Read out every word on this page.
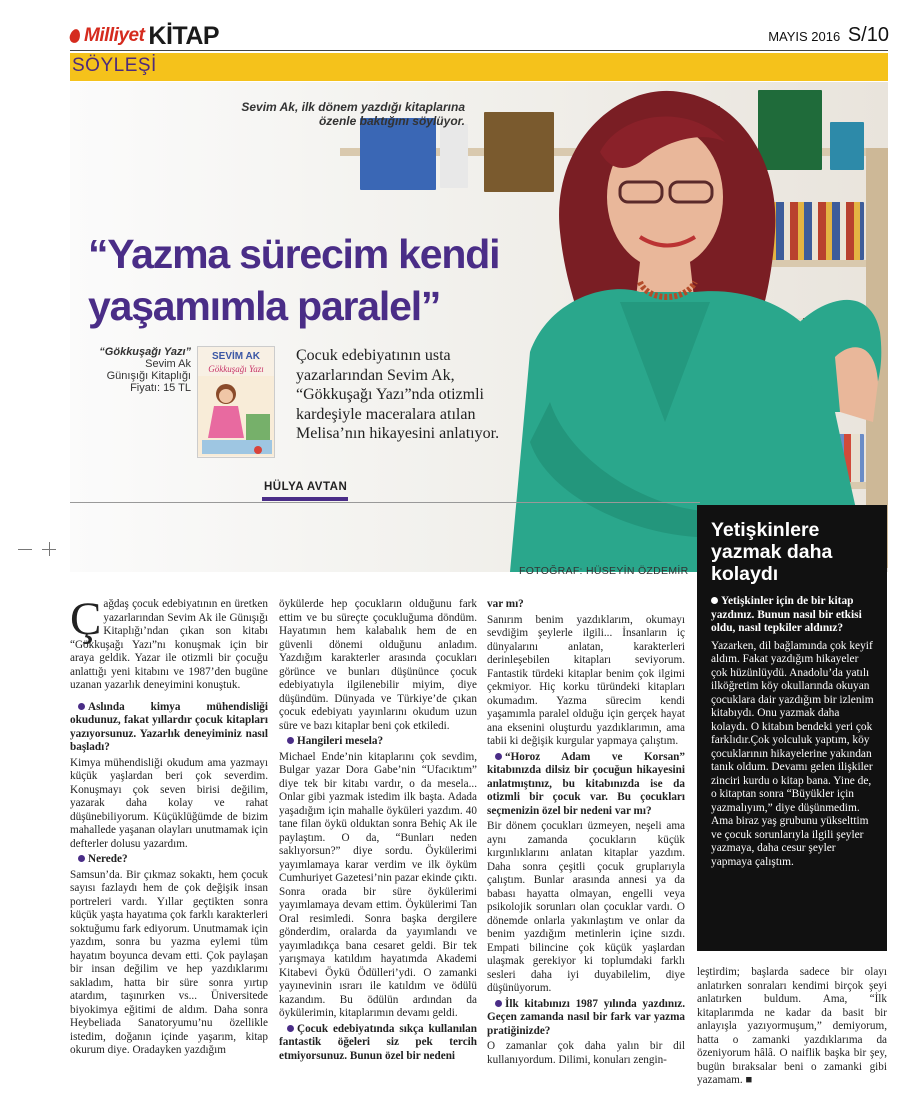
Milliyet KİTAP	MAYIS 2016 S/10
SÖYLEŞİ
Sevim Ak, ilk dönem yazdığı kitaplarına özenle baktığını söylüyor.
“Yazma sürecim kendi
yaşamımla paralel”
“Gökkuşağı Yazı”
Sevim Ak
Günışığı Kitaplığı
Fiyatı: 15 TL
SEVİM AK
Gökkuşağı Yazı
Çocuk edebiyatının usta yazarlarından Sevim Ak, “Gökkuşağı Yazı”nda otizmli kardeşiyle maceralara atılan Melisa’nın hikayesini anlatıyor.
HÜLYA AVTAN
FOTOĞRAF: HÜSEYİN ÖZDEMİR

Çağdaş çocuk edebiyatının en üretken yazarlarından Sevim Ak ile Günışığı Kitaplığı’ndan çıkan son kitabı “Gökkuşağı Yazı”nı konuşmak için bir araya geldik. Yazar ile otizmli bir çocuğu anlattığı yeni kitabını ve 1987’den bugüne uzanan yazarlık deneyimini konuştuk.

Aslında kimya mühendisliği okudunuz, fakat yıllardır çocuk kitapları yazıyorsunuz. Yazarlık deneyiminiz nasıl başladı?

Kimya mühendisliği okudum ama yazmayı küçük yaşlardan beri çok severdim. Konuşmayı çok seven birisi değilim, yazarak daha kolay ve rahat düşünebiliyorum. Küçüklüğümde de bizim mahallede yaşanan olayları unutmamak için defterler dolusu yazardım.

Nerede?

Samsun’da. Bir çıkmaz sokaktı, hem çocuk sayısı fazlaydı hem de çok değişik insan portreleri vardı. Yıllar geçtikten sonra küçük yaşta hayatıma çok farklı karakterleri soktuğumu fark ediyorum. Unutmamak için yazdım, sonra bu yazma eylemi tüm hayatım boyunca devam etti. Çok paylaşan bir insan değilim ve hep yazdıklarımı sakladım, hatta bir süre sonra yırtıp atardım, taşınırken vs... Üniversitede biyokimya eğitimi de aldım. Daha sonra Heybeliada Sanatoryumu’nu özellikle istedim, doğanın içinde yaşarım, kitap okurum diye. Oradayken yazdığım

öykülerde hep çocukların olduğunu fark ettim ve bu süreçte çocukluğuma döndüm. Hayatımın hem kalabalık hem de en güvenli dönemi olduğunu anladım. Yazdığım karakterler arasında çocukları görünce ve bunları düşününce çocuk edebiyatıyla ilgilenebilir miyim, diye düşündüm. Dünyada ve Türkiye’de çıkan çocuk edebiyatı yayınlarını okudum uzun süre ve bazı kitaplar beni çok etkiledi.

Hangileri mesela?

Michael Ende’nin kitaplarını çok sevdim, Bulgar yazar Dora Gabe’nin “Ufacıktım” diye tek bir kitabı vardır, o da mesela... Onlar gibi yazmak istedim ilk başta. Adada yaşadığım için mahalle öyküleri yazdım. 40 tane filan öykü olduktan sonra Behiç Ak ile paylaştım. O da, “Bunları neden saklıyorsun?” diye sordu. Öykülerimi yayımlamaya karar verdim ve ilk öyküm Cumhuriyet Gazetesi’nin pazar ekinde çıktı. Sonra orada bir süre öykülerimi yayımlamaya devam ettim. Öykülerimi Tan Oral resimledi. Sonra başka dergilere gönderdim, oralarda da yayımlandı ve yayımladıkça bana cesaret geldi. Bir tek yarışmaya katıldım hayatımda Akademi Kitabevi Öykü Ödülleri’ydi. O zamanki yayınevinin ısrarı ile katıldım ve ödülü kazandım. Bu ödülün ardından da öykülerimin, kitaplarımın devamı geldi.

Çocuk edebiyatında sıkça kullanılan fantastik öğeleri siz pek tercih etmiyorsunuz. Bunun özel bir nedeni

var mı?

Sanırım benim yazdıklarım, okumayı sevdiğim şeylerle ilgili... İnsanların iç dünyalarını anlatan, karakterleri derinleşebilen kitapları seviyorum. Fantastik türdeki kitaplar benim çok ilgimi çekmiyor. Hiç korku türündeki kitapları okumadım. Yazma sürecim kendi yaşamımla paralel olduğu için gerçek hayat ana eksenini oluşturdu yazdıklarımın, ama tabii ki değişik kurgular yapmaya çalıştım.

“Horoz Adam ve Korsan” kitabınızda dilsiz bir çocuğun hikayesini anlatmıştınız, bu kitabınızda ise da otizmli bir çocuk var. Bu çocukları seçmenizin özel bir nedeni var mı?

Bir dönem çocukları üzmeyen, neşeli ama aynı zamanda çocukların küçük kırgınlıklarını anlatan kitaplar yazdım. Daha sonra çeşitli çocuk gruplarıyla çalıştım. Bunlar arasında annesi ya da babası hayatta olmayan, engelli veya psikolojik sorunları olan çocuklar vardı. O dönemde onlarla yakınlaştım ve onlar da benim yazdığım metinlerin içine sızdı. Empati bilincine çok küçük yaşlardan ulaşmak gerekiyor ki toplumdaki farklı sesleri daha iyi duyabilelim, diye düşünüyorum.

İlk kitabınızı 1987 yılında yazdınız. Geçen zamanda nasıl bir fark var yazma pratiğinizde?

O zamanlar çok daha yalın bir dil kullanıyordum. Dilimi, konuları zengin-

Yetişkinlere yazmak daha kolaydı

Yetişkinler için de bir kitap yazdınız. Bunun nasıl bir etkisi oldu, nasıl tepkiler aldınız?

Yazarken, dil bağlamında çok keyif aldım. Fakat yazdığım hikayeler çok hüzünlüydü. Anadolu’da yatılı ilköğretim köy okullarında okuyan çocuklara dair yazdığım bir izlenim kitabıydı. Onu yazmak daha kolaydı. O kitabın bendeki yeri çok farklıdır.Çok yolculuk yaptım, köy çocuklarının hikayelerine yakından tanık oldum. Devamı gelen ilişkiler zinciri kurdu o kitap bana. Yine de, o kitaptan sonra “Büyükler için yazmalıyım,” diye düşünmedim. Ama biraz yaş grubunu yükselttim ve çocuk sorunlarıyla ilgili şeyler yazmaya, daha cesur şeyler yapmaya çalıştım.

leştirdim; başlarda sadece bir olayı anlatırken sonraları kendimi birçok şeyi anlatırken buldum. Ama, “İlk kitaplarımda ne kadar da basit bir anlayışla yazıyormuşum,” demiyorum, hatta o zamanki yazdıklarıma da özeniyorum hâlâ. O naiflik başka bir şey, bugün bıraksalar beni o zamanki gibi yazamam. ■
